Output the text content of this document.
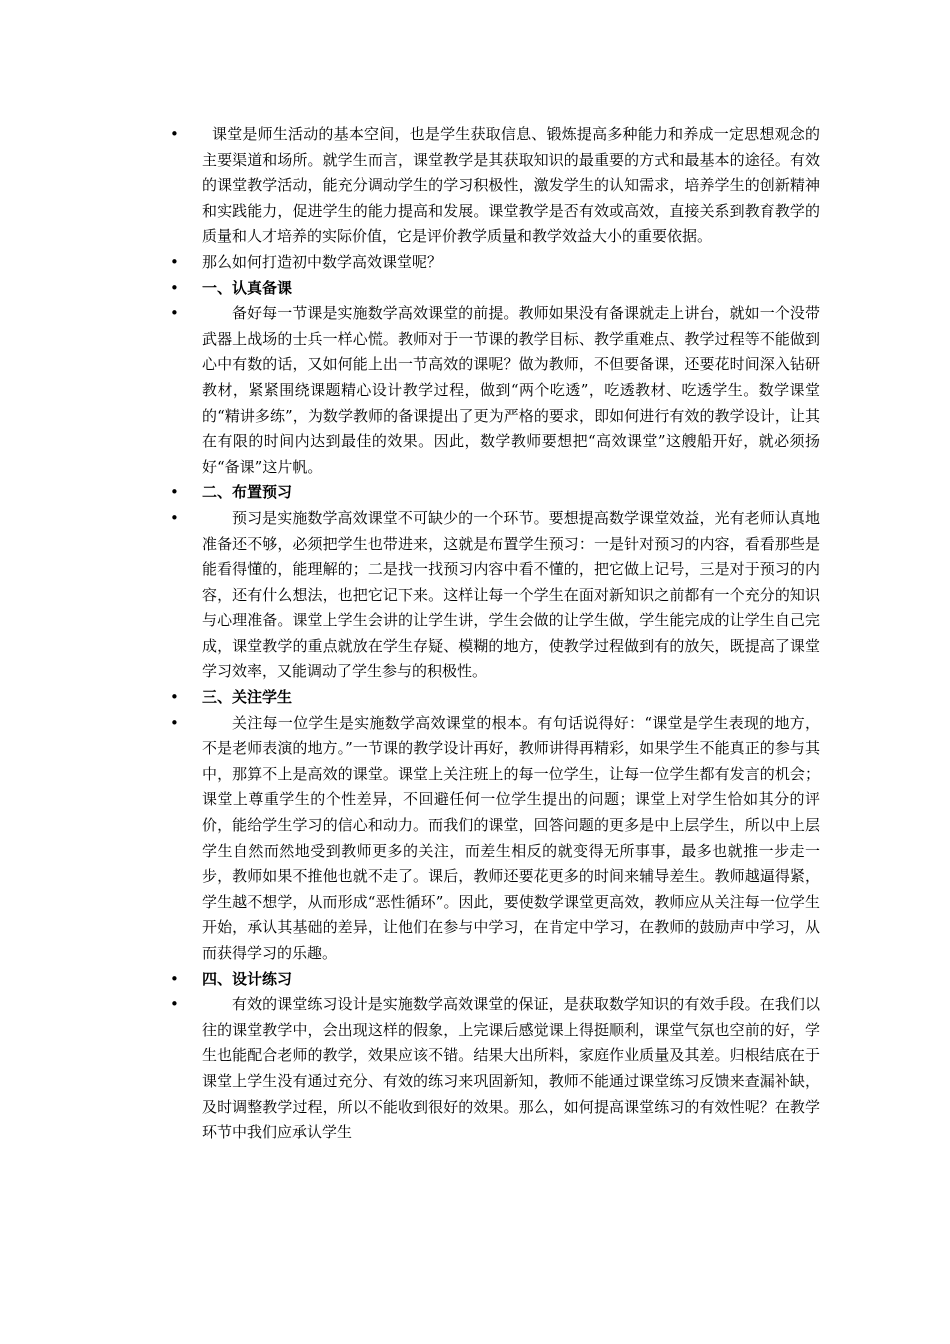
•	课堂是师生活动的基本空间，也是学生获取信息、锻炼提高多种能力和养成一定思想观念的主要渠道和场所。就学生而言，课堂教学是其获取知识的最重要的方式和最基本的途径。有效的课堂教学活动，能充分调动学生的学习积极性，激发学生的认知需求，培养学生的创新精神和实践能力，促进学生的能力提高和发展。课堂教学是否有效或高效，直接关系到教育教学的质量和人才培养的实际价值，它是评价教学质量和教学效益大小的重要依据。
• 那么如何打造初中数学高效课堂呢？
• 一、认真备课
•	备好每一节课是实施数学高效课堂的前提。教师如果没有备课就走上讲台，就如一个没带武器上战场的士兵一样心慌。教师对于一节课的教学目标、教学重难点、教学过程等不能做到心中有数的话，又如何能上出一节高效的课呢？做为教师，不但要备课，还要花时间深入钻研教材，紧紧围绕课题精心设计教学过程，做到“两个吃透”，吃透教材、吃透学生。数学课堂的“精讲多练”，为数学教师的备课提出了更为严格的要求，即如何进行有效的教学设计，让其在有限的时间内达到最佳的效果。因此，数学教师要想把“高效课堂”这艘船开好，就必须扬好“备课”这片帆。
• 二、布置预习
•	预习是实施数学高效课堂不可缺少的一个环节。要想提高数学课堂效益，光有老师认真地准备还不够，必须把学生也带进来，这就是布置学生预习：一是针对预习的内容，看看那些是能看得懂的，能理解的；二是找一找预习内容中看不懂的，把它做上记号，三是对于预习的内容，还有什么想法，也把它记下来。这样让每一个学生在面对新知识之前都有一个充分的知识与心理准备。课堂上学生会讲的让学生讲，学生会做的让学生做，学生能完成的让学生自己完成，课堂教学的重点就放在学生存疑、模糊的地方，使教学过程做到有的放矢，既提高了课堂学习效率，又能调动了学生参与的积极性。
• 三、关注学生
•	关注每一位学生是实施数学高效课堂的根本。有句话说得好：“课堂是学生表现的地方，不是老师表演的地方。”一节课的教学设计再好，教师讲得再精彩，如果学生不能真正的参与其中，那算不上是高效的课堂。课堂上关注班上的每一位学生，让每一位学生都有发言的机会；课堂上尊重学生的个性差异，不回避任何一位学生提出的问题；课堂上对学生恰如其分的评价，能给学生学习的信心和动力。而我们的课堂，回答问题的更多是中上层学生，所以中上层学生自然而然地受到教师更多的关注，而差生相反的就变得无所事事，最多也就推一步走一步，教师如果不推他也就不走了。课后，教师还要花更多的时间来辅导差生。教师越逼得紧，学生越不想学，从而形成“恶性循环”。因此，要使数学课堂更高效，教师应从关注每一位学生开始，承认其基础的差异，让他们在参与中学习，在肯定中学习，在教师的鼓励声中学习，从而获得学习的乐趣。
• 四、设计练习
•	有效的课堂练习设计是实施数学高效课堂的保证，是获取数学知识的有效手段。在我们以往的课堂教学中，会出现这样的假象，上完课后感觉课上得挺顺利，课堂气氛也空前的好，学生也能配合老师的教学，效果应该不错。结果大出所料，家庭作业质量及其差。归根结底在于课堂上学生没有通过充分、有效的练习来巩固新知，教师不能通过课堂练习反馈来查漏补缺，及时调整教学过程，所以不能收到很好的效果。那么，如何提高课堂练习的有效性呢？在教学环节中我们应承认学生
